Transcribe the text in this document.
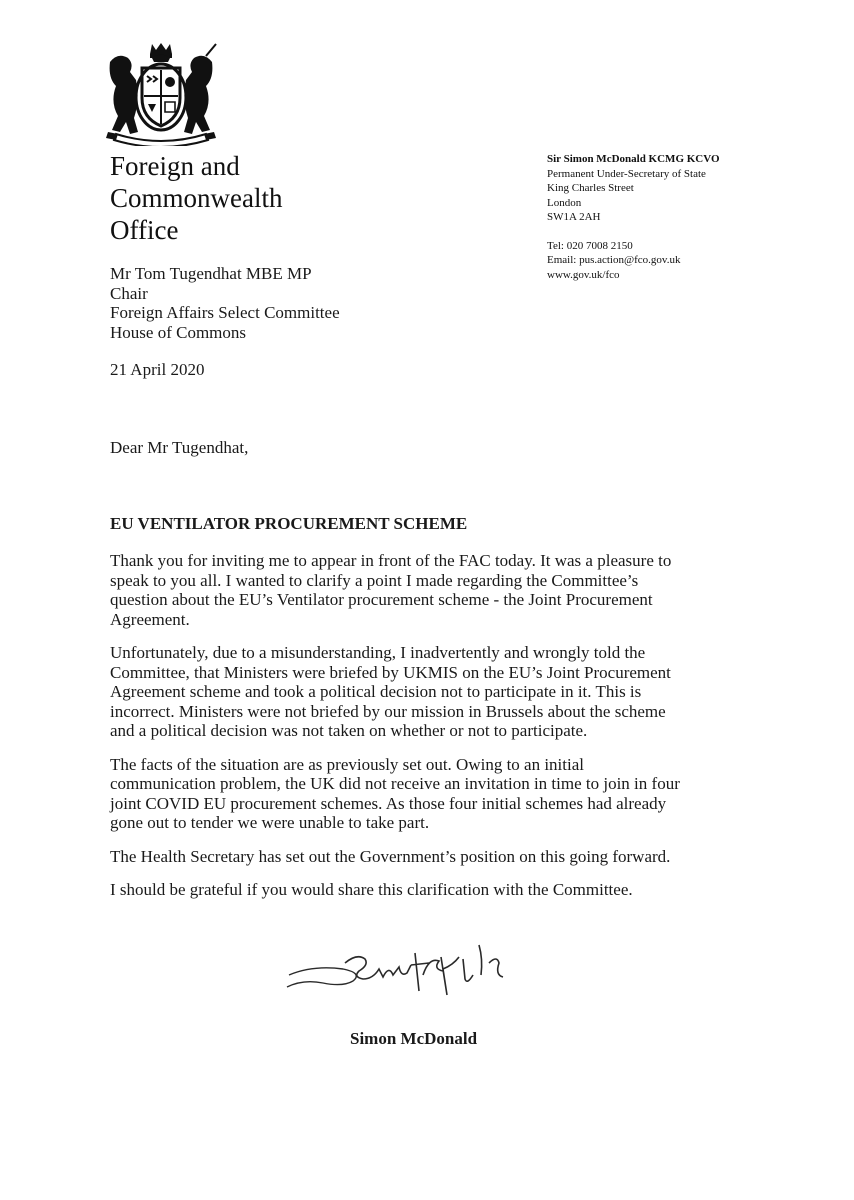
Foreign and
Commonwealth
Office
Sir Simon McDonald KCMG KCVO
Permanent Under-Secretary of State
King Charles Street
London
SW1A 2AH
Tel: 020 7008 2150
Email: pus.action@fco.gov.uk
www.gov.uk/fco
Mr Tom Tugendhat MBE MP
Chair
Foreign Affairs Select Committee
House of Commons
21 April 2020
Dear Mr Tugendhat,
EU VENTILATOR PROCUREMENT SCHEME

Thank you for inviting me to appear in front of the FAC today. It was a pleasure to
speak to you all. I wanted to clarify a point I made regarding the Committee’s
question about the EU’s Ventilator procurement scheme - the Joint Procurement
Agreement.

Unfortunately, due to a misunderstanding, I inadvertently and wrongly told the
Committee, that Ministers were briefed by UKMIS on the EU’s Joint Procurement
Agreement scheme and took a political decision not to participate in it. This is
incorrect. Ministers were not briefed by our mission in Brussels about the scheme
and a political decision was not taken on whether or not to participate.

The facts of the situation are as previously set out. Owing to an initial
communication problem, the UK did not receive an invitation in time to join in four
joint COVID EU procurement schemes. As those four initial schemes had already
gone out to tender we were unable to take part.

The Health Secretary has set out the Government’s position on this going forward.

I should be grateful if you would share this clarification with the Committee.

Simon McDonald
